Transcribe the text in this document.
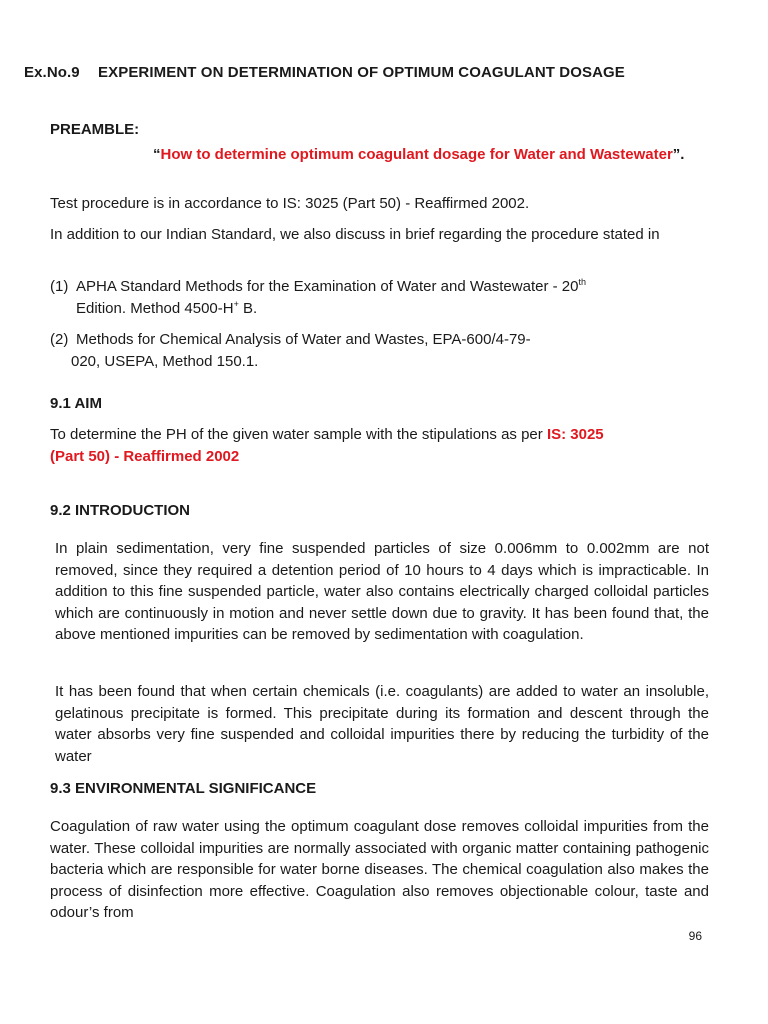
Ex.No.9 EXPERIMENT ON DETERMINATION OF OPTIMUM COAGULANT DOSAGE
PREAMBLE:
“How to determine optimum coagulant dosage for Water and Wastewater”.
Test procedure is in accordance to IS: 3025 (Part 50) - Reaffirmed 2002.
In addition to our Indian Standard, we also discuss in brief regarding the procedure stated in
(1) APHA Standard Methods for the Examination of Water and Wastewater - 20th
Edition. Method 4500-H+ B.
(2) Methods for Chemical Analysis of Water and Wastes, EPA-600/4-79-
020, USEPA, Method 150.1.
9.1 AIM
To determine the PH of the given water sample with the stipulations as per IS: 3025
(Part 50) - Reaffirmed 2002
9.2 INTRODUCTION
In plain sedimentation, very fine suspended particles of size 0.006mm to 0.002mm are not removed, since they required a detention period of 10 hours to 4 days which is impracticable. In addition to this fine suspended particle, water also contains electrically charged colloidal particles which are continuously in motion and never settle down due to gravity. It has been found that, the above mentioned impurities can be removed by sedimentation with coagulation.
It has been found that when certain chemicals (i.e. coagulants) are added to water an insoluble, gelatinous precipitate is formed. This precipitate during its formation and descent through the water absorbs very fine suspended and colloidal impurities there by reducing the turbidity of the water
9.3 ENVIRONMENTAL SIGNIFICANCE
Coagulation of raw water using the optimum coagulant dose removes colloidal impurities from the water. These colloidal impurities are normally associated with organic matter containing pathogenic bacteria which are responsible for water borne diseases. The chemical coagulation also makes the process of disinfection more effective. Coagulation also removes objectionable colour, taste and odour’s from
96
